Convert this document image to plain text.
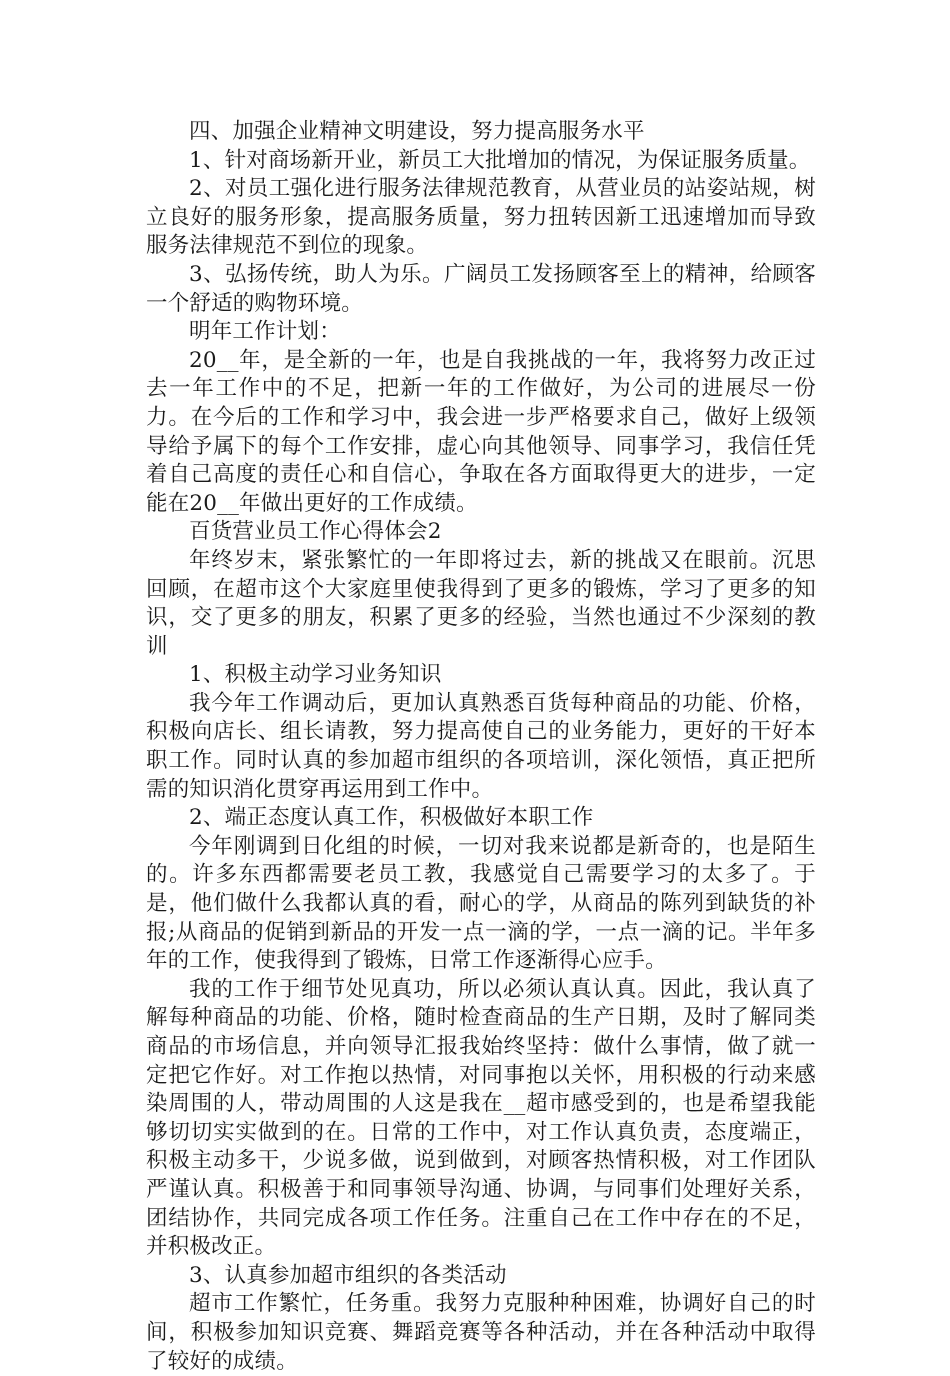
四、加强企业精神文明建设，努力提高服务水平

1、针对商场新开业，新员工大批增加的情况，为保证服务质量。

2、对员工强化进行服务法律规范教育，从营业员的站姿站规，树立良好的服务形象，提高服务质量，努力扭转因新工迅速增加而导致服务法律规范不到位的现象。

3、弘扬传统，助人为乐。广阔员工发扬顾客至上的精神，给顾客一个舒适的购物环境。

明年工作计划：

20__年，是全新的一年，也是自我挑战的一年，我将努力改正过去一年工作中的不足，把新一年的工作做好，为公司的进展尽一份力。在今后的工作和学习中，我会进一步严格要求自己，做好上级领导给予属下的每个工作安排，虚心向其他领导、同事学习，我信任凭着自己高度的责任心和自信心，争取在各方面取得更大的进步，一定能在20__年做出更好的工作成绩。

百货营业员工作心得体会2

年终岁末，紧张繁忙的一年即将过去，新的挑战又在眼前。沉思回顾，在超市这个大家庭里使我得到了更多的锻炼，学习了更多的知识，交了更多的朋友，积累了更多的经验，当然也通过不少深刻的教训

1、积极主动学习业务知识

我今年工作调动后，更加认真熟悉百货每种商品的功能、价格，积极向店长、组长请教，努力提高使自己的业务能力，更好的干好本职工作。同时认真的参加超市组织的各项培训，深化领悟，真正把所需的知识消化贯穿再运用到工作中。

2、端正态度认真工作，积极做好本职工作

今年刚调到日化组的时候，一切对我来说都是新奇的，也是陌生的。许多东西都需要老员工教，我感觉自己需要学习的太多了。于是，他们做什么我都认真的看，耐心的学，从商品的陈列到缺货的补报;从商品的促销到新品的开发一点一滴的学，一点一滴的记。半年多年的工作，使我得到了锻炼，日常工作逐渐得心应手。

我的工作于细节处见真功，所以必须认真认真。因此，我认真了解每种商品的功能、价格，随时检查商品的生产日期，及时了解同类商品的市场信息，并向领导汇报我始终坚持：做什么事情，做了就一定把它作好。对工作抱以热情，对同事抱以关怀，用积极的行动来感染周围的人，带动周围的人这是我在__超市感受到的，也是希望我能够切切实实做到的在。日常的工作中，对工作认真负责，态度端正，积极主动多干，少说多做，说到做到，对顾客热情积极，对工作团队严谨认真。积极善于和同事领导沟通、协调，与同事们处理好关系，团结协作，共同完成各项工作任务。注重自己在工作中存在的不足，并积极改正。

3、认真参加超市组织的各类活动

超市工作繁忙，任务重。我努力克服种种困难，协调好自己的时间，积极参加知识竞赛、舞蹈竞赛等各种活动，并在各种活动中取得了较好的成绩。
